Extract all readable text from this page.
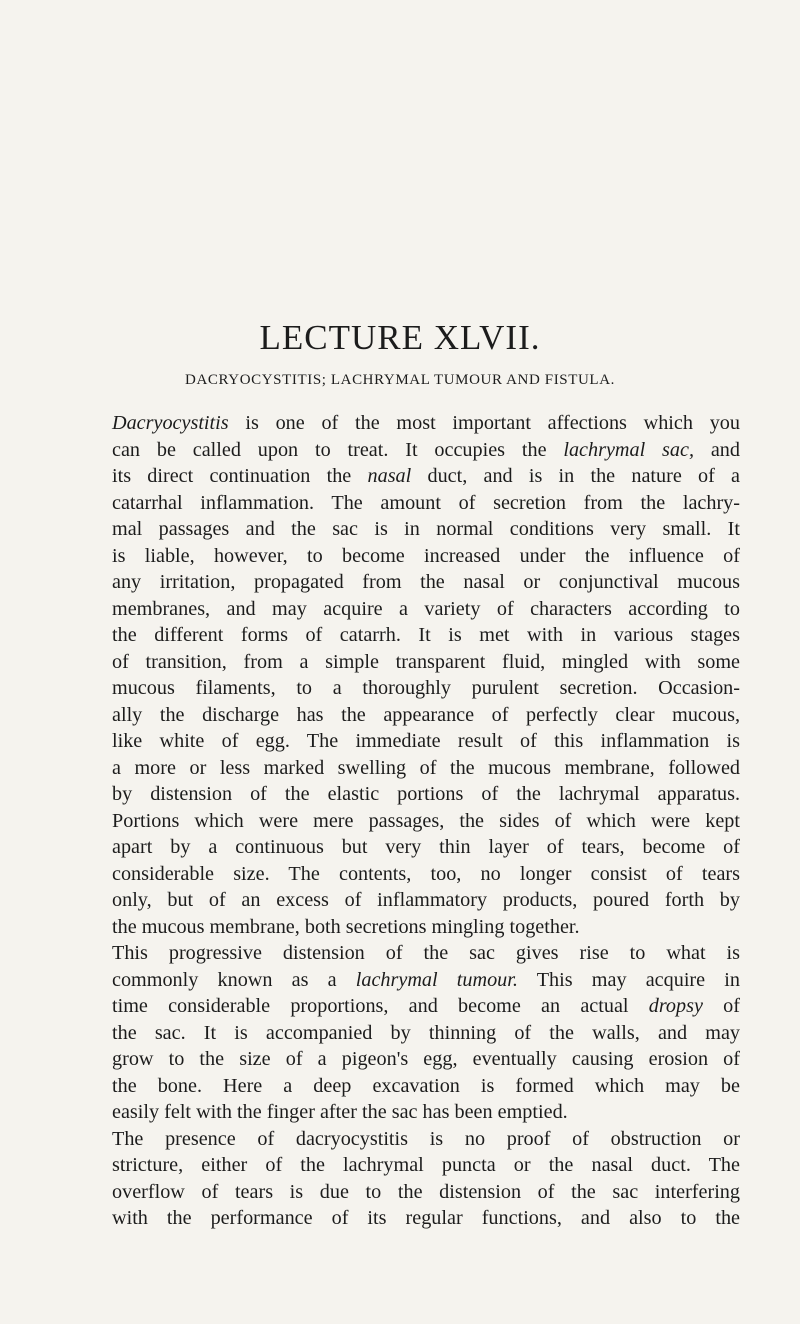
LECTURE XLVII.
DACRYOCYSTITIS; LACHRYMAL TUMOUR AND FISTULA.
Dacryocystitis is one of the most important affections which you
can be called upon to treat. It occupies the lachrymal sac, and
its direct continuation the nasal duct, and is in the nature of a
catarrhal inflammation. The amount of secretion from the lachry-
mal passages and the sac is in normal conditions very small. It
is liable, however, to become increased under the influence of
any irritation, propagated from the nasal or conjunctival mucous
membranes, and may acquire a variety of characters according to
the different forms of catarrh. It is met with in various stages
of transition, from a simple transparent fluid, mingled with some
mucous filaments, to a thoroughly purulent secretion. Occasion-
ally the discharge has the appearance of perfectly clear mucous,
like white of egg. The immediate result of this inflammation is
a more or less marked swelling of the mucous membrane, followed
by distension of the elastic portions of the lachrymal apparatus.
Portions which were mere passages, the sides of which were kept
apart by a continuous but very thin layer of tears, become of
considerable size. The contents, too, no longer consist of tears
only, but of an excess of inflammatory products, poured forth by
the mucous membrane, both secretions mingling together.
This progressive distension of the sac gives rise to what is
commonly known as a lachrymal tumour. This may acquire in
time considerable proportions, and become an actual dropsy of
the sac. It is accompanied by thinning of the walls, and may
grow to the size of a pigeon's egg, eventually causing erosion of
the bone. Here a deep excavation is formed which may be
easily felt with the finger after the sac has been emptied.
The presence of dacryocystitis is no proof of obstruction or
stricture, either of the lachrymal puncta or the nasal duct. The
overflow of tears is due to the distension of the sac interfering
with the performance of its regular functions, and also to the
